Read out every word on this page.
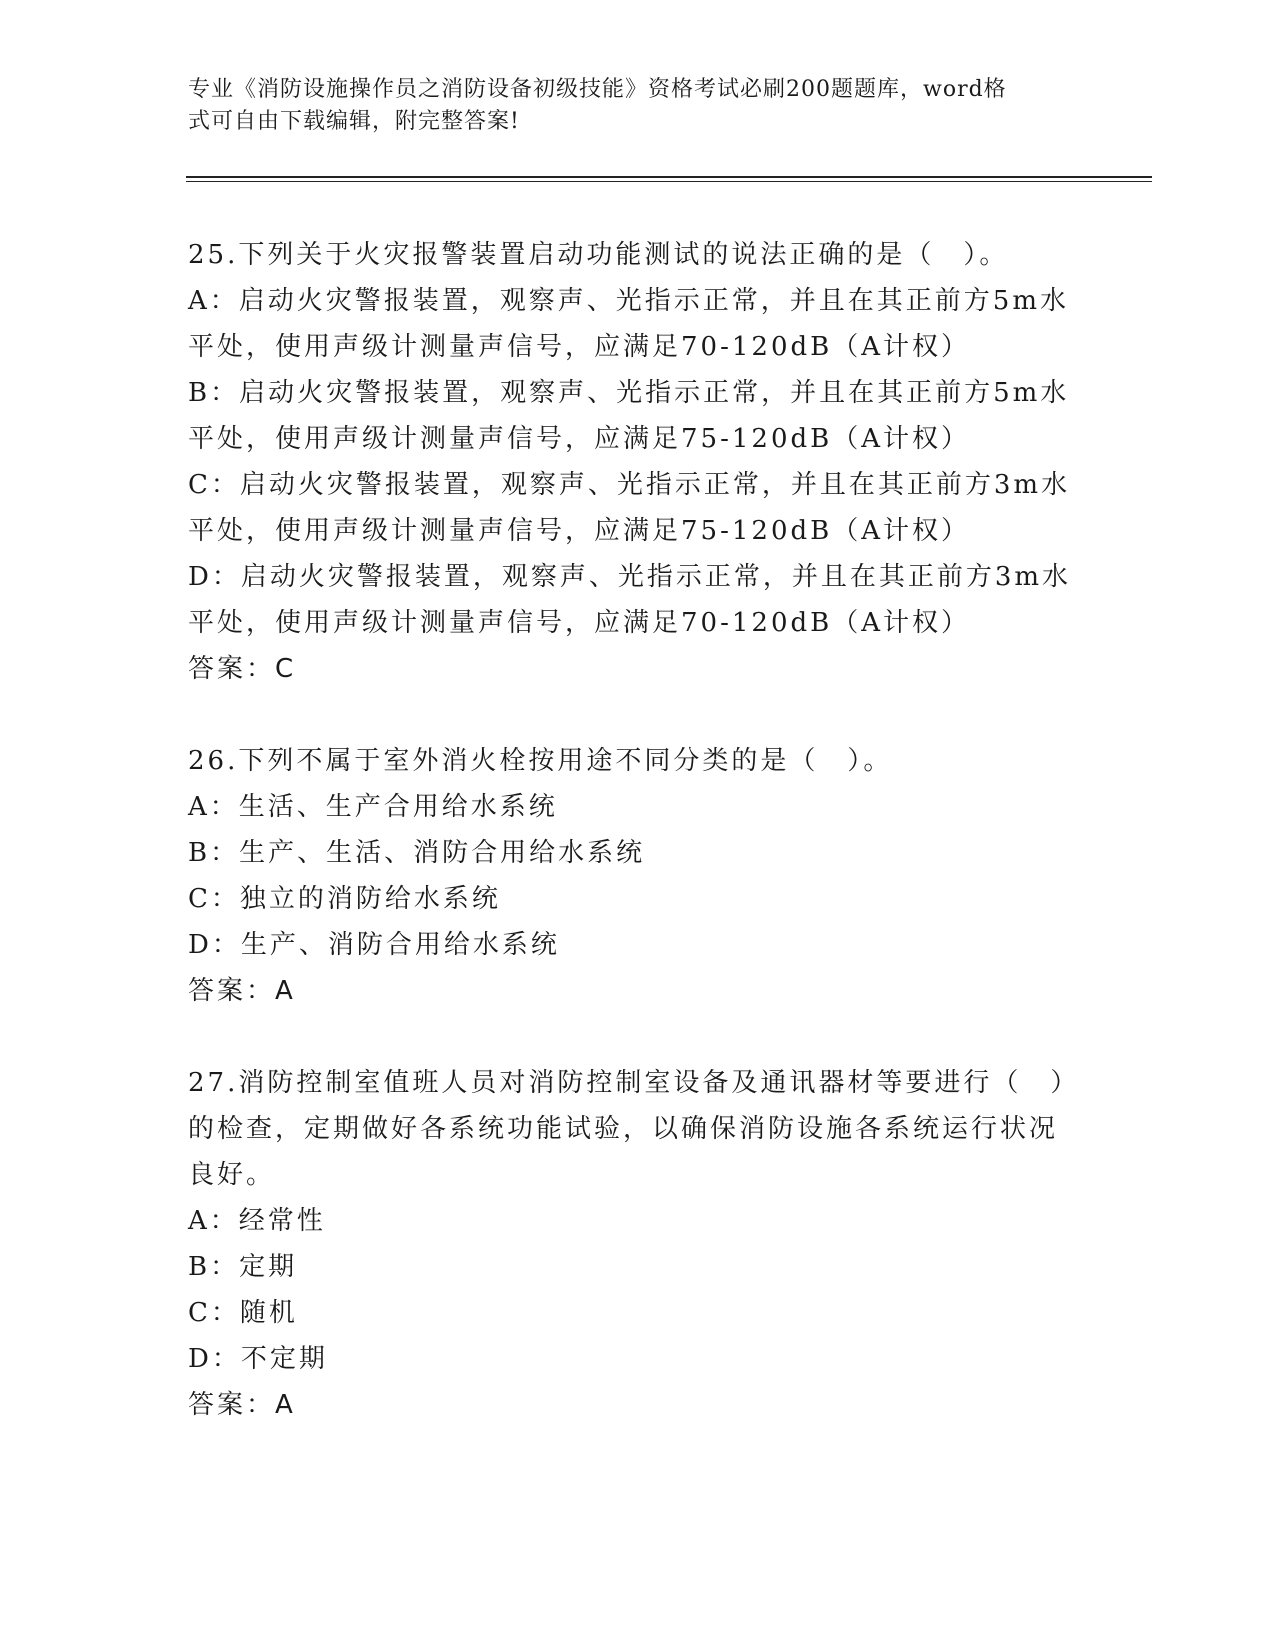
专业《消防设施操作员之消防设备初级技能》资格考试必刷200题题库，word格
式可自由下载编辑，附完整答案!
25.下列关于火灾报警装置启动功能测试的说法正确的是（　）。
A：启动火灾警报装置，观察声、光指示正常，并且在其正前方5m水
平处，使用声级计测量声信号，应满足70-120dB（A计权）
B：启动火灾警报装置，观察声、光指示正常，并且在其正前方5m水
平处，使用声级计测量声信号，应满足75-120dB（A计权）
C：启动火灾警报装置，观察声、光指示正常，并且在其正前方3m水
平处，使用声级计测量声信号，应满足75-120dB（A计权）
D：启动火灾警报装置，观察声、光指示正常，并且在其正前方3m水
平处，使用声级计测量声信号，应满足70-120dB（A计权）
答案：C
26.下列不属于室外消火栓按用途不同分类的是（　）。
A：生活、生产合用给水系统
B：生产、生活、消防合用给水系统
C：独立的消防给水系统
D：生产、消防合用给水系统
答案：A
27.消防控制室值班人员对消防控制室设备及通讯器材等要进行（　）
的检查，定期做好各系统功能试验，以确保消防设施各系统运行状况
良好。
A：经常性
B：定期
C：随机
D：不定期
答案：A
